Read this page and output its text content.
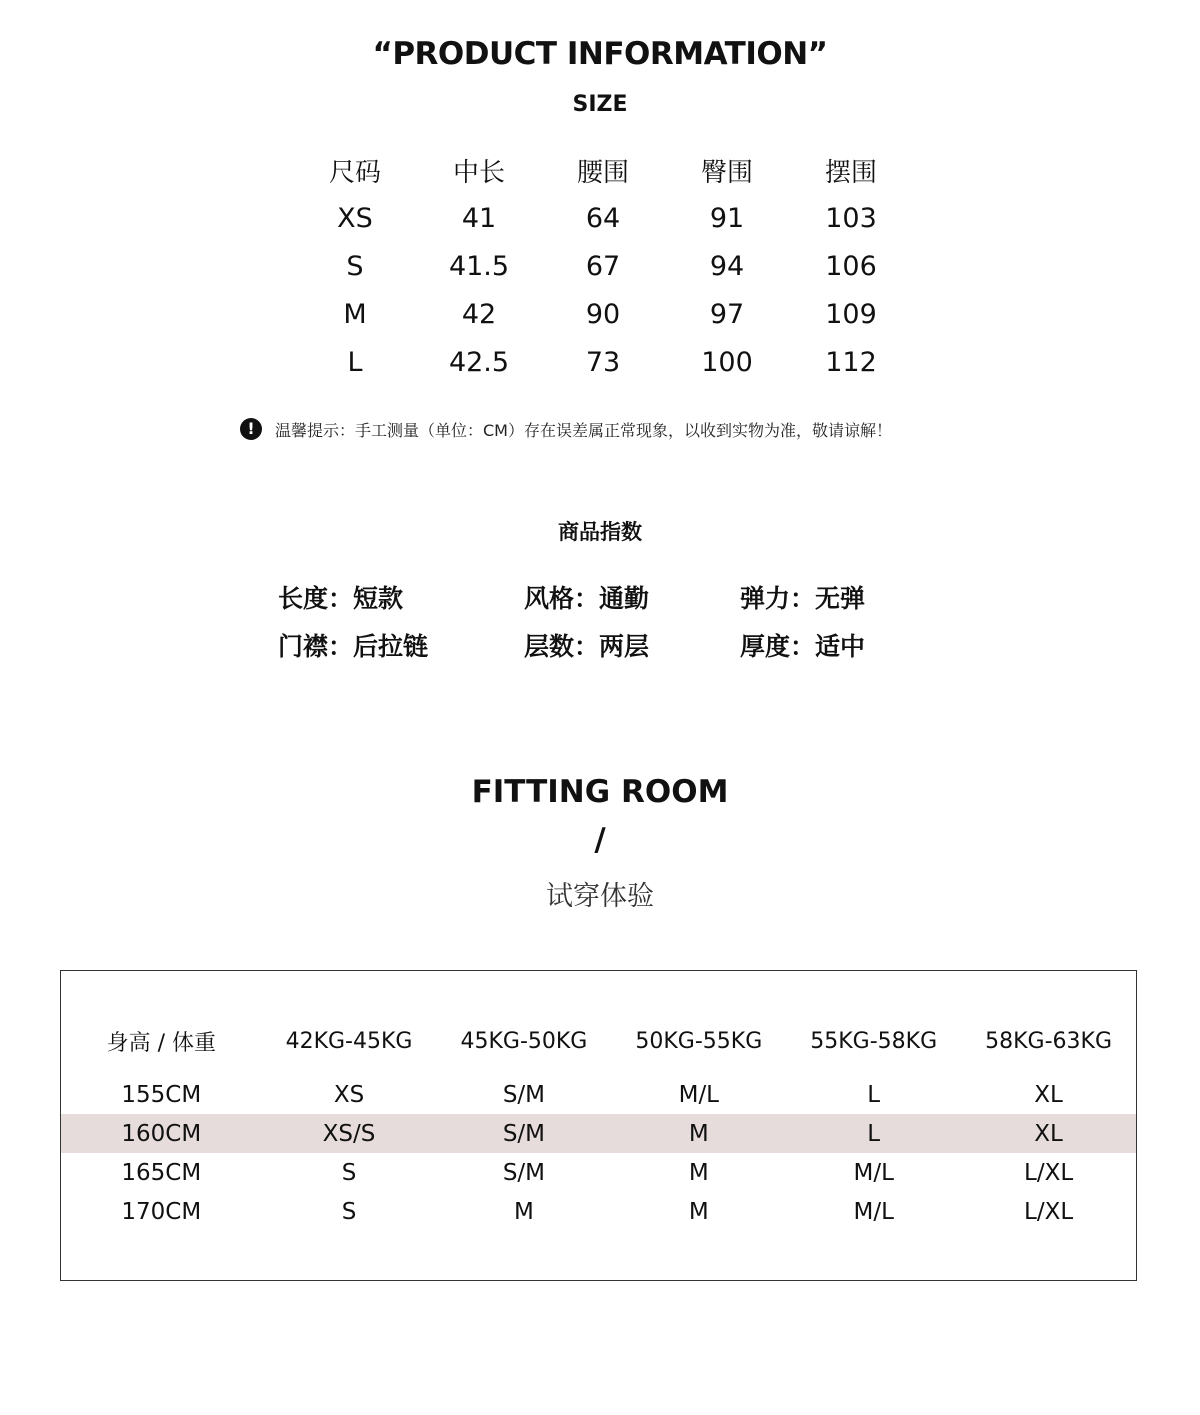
“PRODUCT INFORMATION”
SIZE
尺码	中长	腰围	臀围	摆围
XS	41	64	91	103
S	41.5	67	94	106
M	42	90	97	109
L	42.5	73	100	112
!	温馨提示：手工测量（单位：CM）存在误差属正常现象，以收到实物为准，敬请谅解！
商品指数
长度：短款	风格：通勤	弹力：无弹
门襟：后拉链	层数：两层	厚度：适中
FITTING ROOM
/
试穿体验
身高 / 体重	42KG-45KG	45KG-50KG	50KG-55KG	55KG-58KG	58KG-63KG
155CM	XS	S/M	M/L	L	XL
160CM	XS/S	S/M	M	L	XL
165CM	S	S/M	M	M/L	L/XL
170CM	S	M	M	M/L	L/XL
